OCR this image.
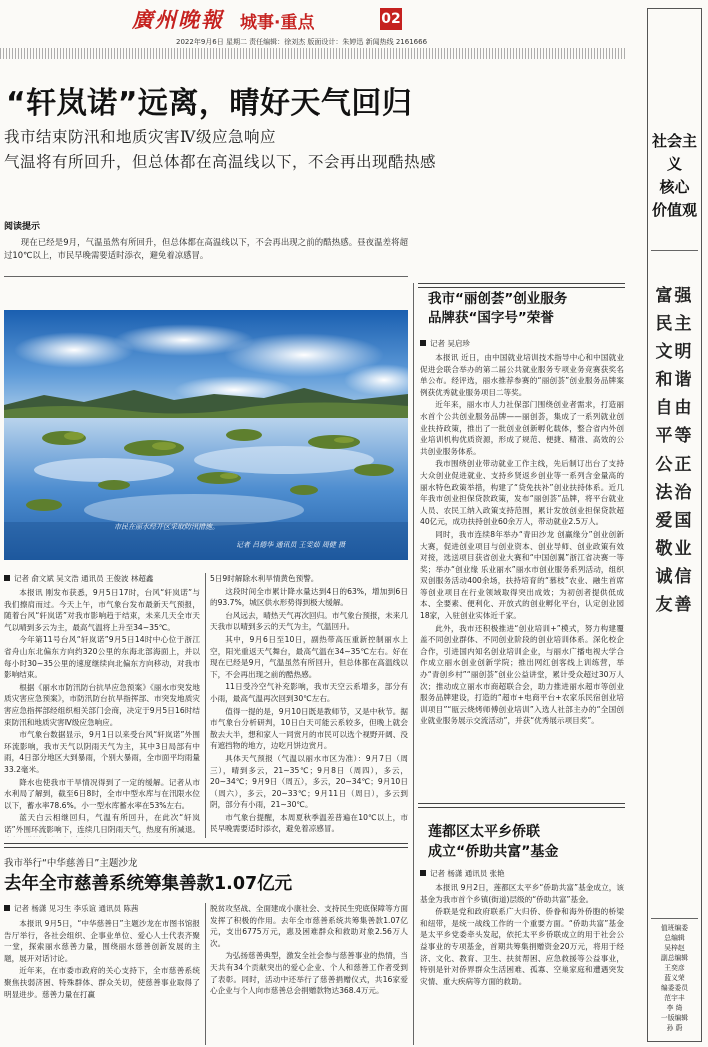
廣州晚報 城事·重点	02
2022年9月6日 星期二 责任编辑：徐刘杰 版面设计：朱婷迅 新闻热线 2161666
“轩岚诺”远离，晴好天气回归
我市结束防汛和地质灾害Ⅳ级应急响应
气温将有所回升，但总体都在高温线以下，不会再出现酷热感
阅读提示

现在已经是9月，气温虽然有所回升，但总体都在高温线以下，不会再出现之前的酷热感。昼夜温差将超过10℃以上，市民早晚需要适时添衣，避免着凉感冒。

市民在丽水经开区采取防汛措施。
记者 吕德华 通讯员 王雯茹 周健 摄
记者 俞文斌 吴文浩 通讯员 王俊波 林超鑫

本报讯 刚发布获悉，9月5日17时，台风“轩岚诺”与我们擦肩而过。今天上午，市气象台发布最新天气预报，随着台风“轩岚诺”对我市影响趋于结束，未来几天全市天气以晴到多云为主，最高气温将上升至34~35℃。

今年第11号台风“轩岚诺”9月5日14时中心位于浙江省舟山东北偏东方向约320公里的东海北部海面上，并以每小时30~35公里的速度继续向北偏东方向移动，对我市影响结束。

根据《丽水市防汛防台抗旱应急预案》《丽水市突发地质灾害应急预案》，市防汛防台抗旱指挥部、市突发地质灾害应急指挥部经组织相关部门会商，决定于9月5日16时结束防汛和地质灾害Ⅳ级应急响应。

市气象台数据显示，9月1日以来受台风“轩岚诺”外围环流影响，我市天气以阴雨天气为主，其中3日局部有中雨，4日部分地区大到暴雨，个别大暴雨，全市面平均雨量33.2毫米。

降水也使我市干旱情况得到了一定的缓解。记者从市水利局了解到，截至6日8时，全市中型水库与在汛限水位以下，蓄水率78.6%。小一型水库蓄水率在53%左右。

蓝天白云相继回归，气温有所回升，在此次“轩岚诺”外围环流影响下，连续几日阴雨天气，热度有所减退。

5日9时解除水利旱情黄色预警。

这段时间全市累计降水量达到4日的63%，增加到6日的93.7%，城区供水形势得到极大缓解。

台风远去，晴热天气再次回归。市气象台预报，未来几天我市以晴到多云的天气为主，气温回升。

其中，9月6日至10日，副热带高压重新控制丽水上空，阳光重返天气舞台，最高气温在34~35℃左右。好在现在已经是9月，气温虽然有所回升，但总体都在高温线以下，不会再出现之前的酷热感。

11日受冷空气补充影响，我市天空云系增多，部分有小雨，最高气温再次回到30℃左右。

值得一提的是，9月10日既是教师节，又是中秋节。据市气象台分析研判，10日白天可能云系较多，但晚上就会散去大半，想和家人一同赏月的市民可以选个视野开阔、没有遮挡物的地方，边吃月饼边赏月。

具体天气预报（气温以丽水市区为准）：9月7日（周三），晴到多云，21~35℃；9月8日（周四），多云，20~34℃；9月9日（周五），多云，20~34℃；9月10日（周六），多云，20~33℃；9月11日（周日），多云到阴，部分有小雨，21~30℃。

市气象台提醒，本周夏秋季温差普遍在10℃以上，市民早晚需要适时添衣，避免着凉感冒。

我市举行“中华慈善日”主题沙龙
去年全市慈善系统筹集善款1.07亿元
记者 杨潇 见习生 李乐谊 通讯员 陈茜

本报讯 9月5日，“中华慈善日”主题沙龙在市图书馆报告厅举行，各社会组织、企事业单位、爱心人士代表齐聚一堂，探索丽水慈善力量，围绕丽水慈善创新发展的主题，展开对话讨论。

近年来，在市委市政府的关心支持下，全市慈善系统聚焦扶弱济困、特殊群体、群众关切，使慈善事业取得了明显进步。慈善力量在打赢

脱贫攻坚战、全面建成小康社会、支持民生兜底保障等方面发挥了积极的作用。去年全市慈善系统共筹集善款1.07亿元，支出6775万元，惠及困难群众和救助对象2.56万人次。

为弘扬慈善典型，激发全社会参与慈善事业的热情，当天共有34个贡献突出的爱心企业、个人和慈善工作者受到了表彰。同时，活动中还举行了慈善捐赠仪式，共16家爱心企业与个人向市慈善总会捐赠款物达368.4万元。

我市“丽创荟”创业服务
品牌获“国字号”荣誉
记者 吴启珍

本报讯 近日，由中国就业培训技术指导中心和中国就业促进会联合举办的第二届公共就业服务专项业务竞赛获奖名单公布。经评选，丽水推荐参赛的“丽创荟”创业服务品牌案例获优秀就业服务项目二等奖。

近年来，丽水市人力社保部门围绕创业者需求，打造丽水首个公共创业服务品牌——丽创荟，集成了一系列就业创业扶持政策，推出了一批创业创新孵化载体，整合省内外创业培训机构优质资源，形成了规范、便捷、精准、高效的公共创业服务体系。

我市围绕创业带动就业工作主线，先后制订出台了支持大众创业促进就业、支持乡贤返乡创业等一系列含金量高的丽水特色政策举措，构建了“贷免扶补”创业扶持体系。近几年我市创业担保贷款政策，发布“丽创荟”品牌，将平台就业人员、农民工纳入政策支持范围，累计发放创业担保贷款超40亿元，成功扶持创业60余万人，带动就业2.5万人。

同时，我市连续8年举办“青田沙龙 创赢缘分”创业创新大赛，促进创业项目与创业资本、创业导师、创业政策有效对接，选送项目获省创业大赛和“中国创翼”浙江省决赛一等奖；举办“创业缘 乐业丽水”丽水市创业服务系列活动，组织双创服务活动400余场，扶持培育的“慕枝”农业、融生首席等创业项目在行业领域取得突出成效；为初创者提供低成本、全要素、便利化、开放式的创业孵化平台，认定创业园18家，入驻创业实体近千家。

此外，我市还积极推进“创业培训+”模式，努力构建覆盖不同创业群体、不同创业阶段的创业培训体系。深化校企合作，引进国内知名创业培训企业，与丽水广播电视大学合作成立丽水创业创新学院；推出网红创客线上训练营，举办“青创乡村”“丽创荟”创业公益讲堂，累计受众超过30万人次；推动成立丽水市商超联合会，助力推进丽水超市等创业服务品牌建设，打造的“超市+电商平台+农家乐民宿创业培训项目”“瓯云烧烤师傅创业培训”入选人社部主办的“全国创业就业服务展示交流活动”，并获“优秀展示项目奖”。

莲都区太平乡侨联
成立“侨助共富”基金
记者 杨潇 通讯员 张艳

本报讯 9月2日，莲都区太平乡“侨助共富”基金成立，该基金为我市首个乡镇(街道)层级的“侨助共富”基金。

侨联是党和政府联系广大归侨、侨眷和海外侨胞的桥梁和纽带，是统一战线工作的一个重要方面。“侨助共富”基金是太平乡党委牵头发起，依托太平乡侨联成立的用于社会公益事业的专项基金，首期共筹集捐赠资金20万元，将用于经济、文化、教育、卫生、扶贫帮困、应急救援等公益事业，特别是针对侨界群众生活困难、孤寡、空巢家庭和遭遇突发灾情、重大疾病等方面的救助。

社会主义
核心
价值观
富强
民主
文明
和谐
自由
平等
公正
法治
爱国
敬业
诚信
友善
值班编委
总编辑
吴梓赵
副总编辑
王奕彦
蓝义荣
编委委员
范宇丰
李 绮
一版编辑
孙 蔚
